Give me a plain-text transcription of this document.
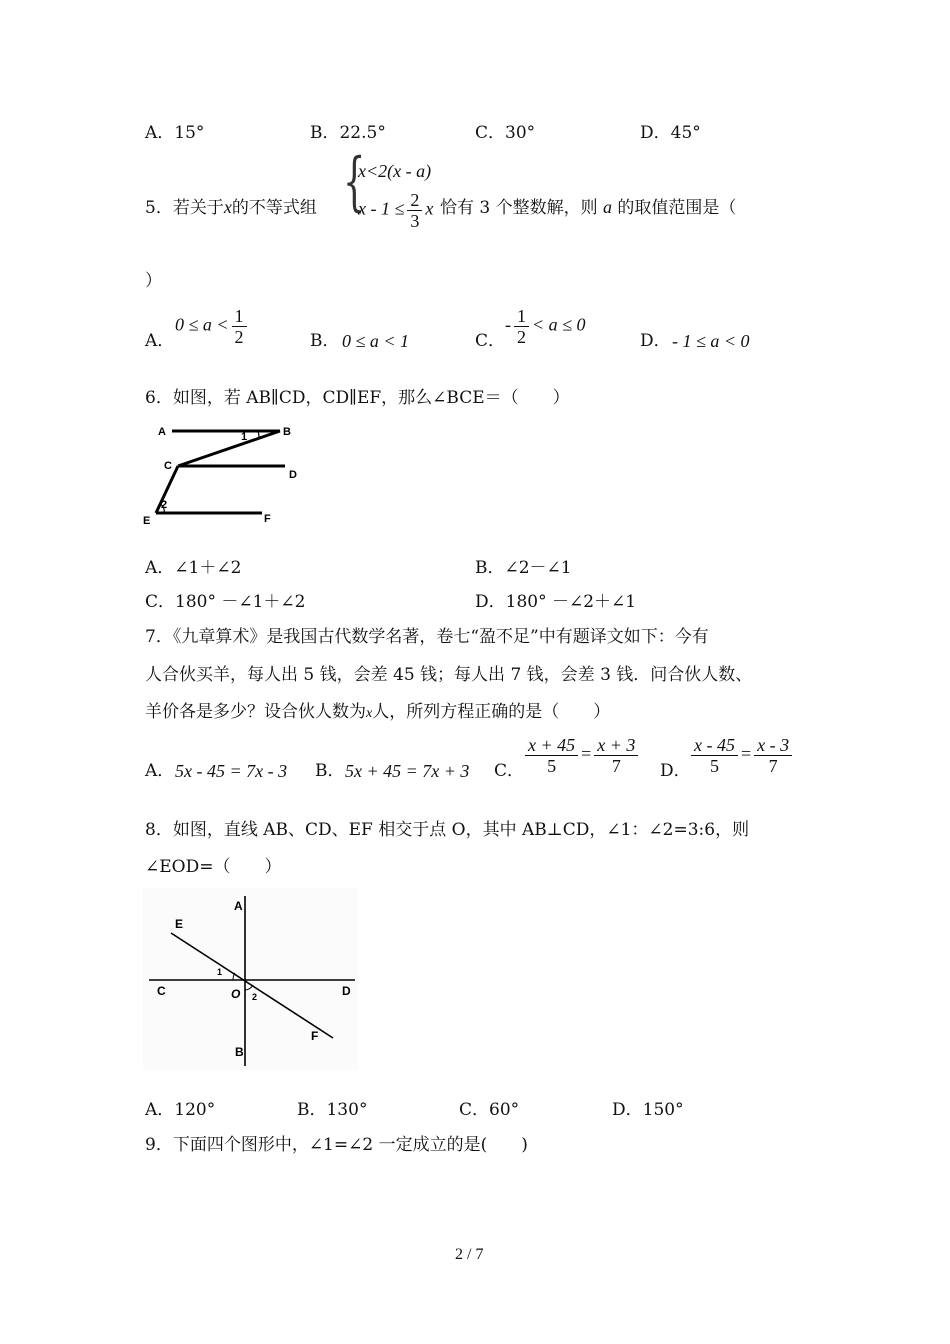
A．15°	B．22.5°	C．30°	D．45°
5．若关于x的不等式组 {
x<2(x - a)
$x - 1 \le \frac{2}{3}$ x 恰有 3 个整数解，则 a 的取值范围是（
）
A．
$0 \le a < \frac{1}{2}$	B． 0 ≤ a < 1	C．
- $\frac{1}{2} < a \le 0$
D． - 1 ≤ a < 0
6．如图，若 AB∥CD，CD∥EF，那么∠BCE＝（　　）
A	B
C
D
E	F
1
2
A．∠1＋∠2	B．∠2－∠1
C．180° －∠1＋∠2	D．180° －∠2＋∠1
7．《九章算术》是我国古代数学名著，卷七“盈不足”中有题译文如下：今有
人合伙买羊，每人出 5 钱，会差 45 钱；每人出 7 钱，会差 3 钱．问合伙人数、
羊价各是多少？设合伙人数为x人，所列方程正确的是（　　）
A． 5x - 45 = 7x - 3 B． 5x + 45 = 7x + 3 C． $\frac{x + 45}{5} = \frac{x + 3}{7}$ D． $\frac{x - 45}{5} = \frac{x - 3}{7}$
8．如图，直线 AB、CD、EF 相交于点 O，其中 AB⊥CD，∠1：∠2=3:6，则
∠EOD=（　　）
A
B
C	D
E
F
O
1
2
A．120°	B．130°	C．60°	D．150°
9．下面四个图形中，∠1=∠2 一定成立的是(　　)
2 / 7
